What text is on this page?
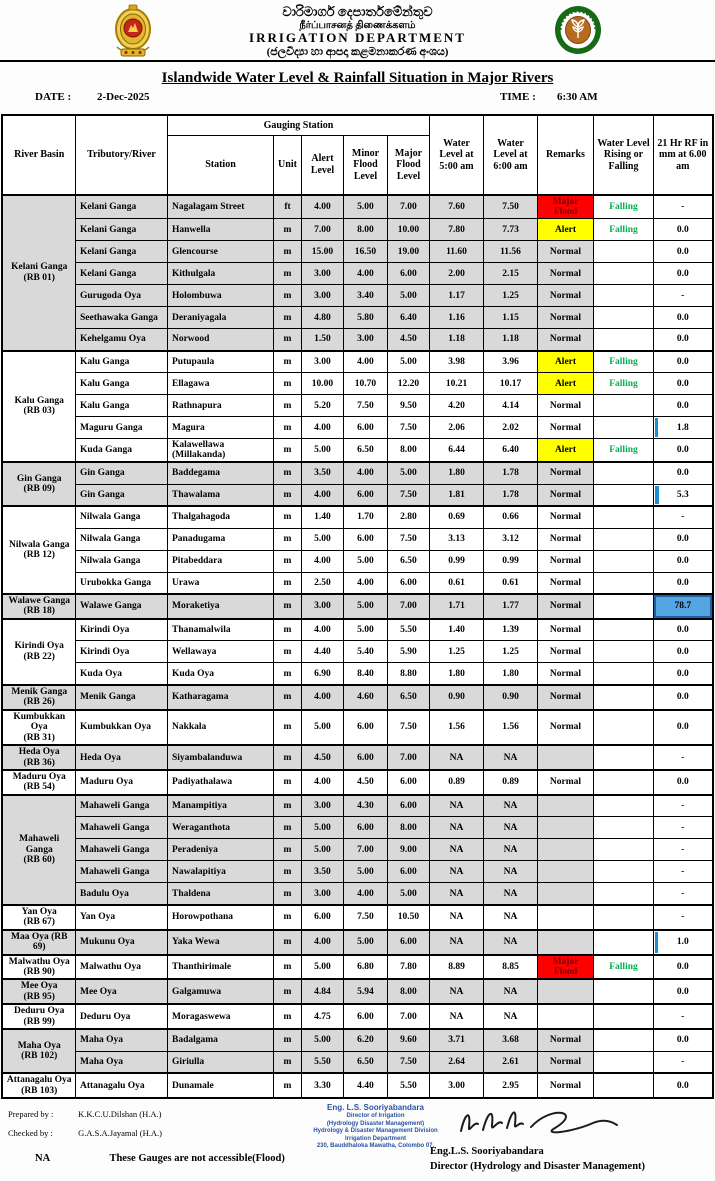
වාරිමාර්ග දෙපාර්තමේන්තුව
நீர்ப்பாசனத் திணைக்களம்
IRRIGATION DEPARTMENT
(ජලවිද්‍යා හා ආපදා කළමනාකරණ අංශය)
Islandwide Water Level & Rainfall Situation in Major Rivers
DATE : 2-Dec-2025	TIME : 6:30 AM
River Basin	Tributory/River	Gauging Station					Water Level at 5:00 am	Water Level at 6:00 am	Remarks	Water Level Rising or Falling	21 Hr RF in mm at 6.00 am
		Station	Unit	Alert Level	Minor Flood Level	Major Flood Level					

Kelani Ganga
(RB 01)	Kelani Ganga	Nagalagam Street	ft	4.00	5.00	7.00	7.60	7.50	Major Flood	Falling	-
	Kelani Ganga	Hanwella	m	7.00	8.00	10.00	7.80	7.73	Alert	Falling	0.0
	Kelani Ganga	Glencourse	m	15.00	16.50	19.00	11.60	11.56	Normal		0.0
	Kelani Ganga	Kithulgala	m	3.00	4.00	6.00	2.00	2.15	Normal		0.0
	Gurugoda Oya	Holombuwa	m	3.00	3.40	5.00	1.17	1.25	Normal		-
	Seethawaka Ganga	Deraniyagala	m	4.80	5.80	6.40	1.16	1.15	Normal		0.0
	Kehelgamu Oya	Norwood	m	1.50	3.00	4.50	1.18	1.18	Normal		0.0

Kalu Ganga
(RB 03)	Kalu Ganga	Putupaula	m	3.00	4.00	5.00	3.98	3.96	Alert	Falling	0.0
	Kalu Ganga	Ellagawa	m	10.00	10.70	12.20	10.21	10.17	Alert	Falling	0.0
	Kalu Ganga	Rathnapura	m	5.20	7.50	9.50	4.20	4.14	Normal		0.0
	Maguru Ganga	Magura	m	4.00	6.00	7.50	2.06	2.02	Normal		1.8
	Kuda Ganga	Kalawellawa (Millakanda)	m	5.00	6.50	8.00	6.44	6.40	Alert	Falling	0.0

Gin Ganga
(RB 09)	Gin Ganga	Baddegama	m	3.50	4.00	5.00	1.80	1.78	Normal		0.0
	Gin Ganga	Thawalama	m	4.00	6.00	7.50	1.81	1.78	Normal		5.3

Nilwala Ganga
(RB 12)	Nilwala Ganga	Thalgahagoda	m	1.40	1.70	2.80	0.69	0.66	Normal		-
	Nilwala Ganga	Panadugama	m	5.00	6.00	7.50	3.13	3.12	Normal		0.0
	Nilwala Ganga	Pitabeddara	m	4.00	5.00	6.50	0.99	0.99	Normal		0.0
	Urubokka Ganga	Urawa	m	2.50	4.00	6.00	0.61	0.61	Normal		0.0

Walawe Ganga
(RB 18)	Walawe Ganga	Moraketiya	m	3.00	5.00	7.00	1.71	1.77	Normal		78.7

Kirindi Oya
(RB 22)	Kirindi Oya	Thanamalwila	m	4.00	5.00	5.50	1.40	1.39	Normal		0.0
	Kirindi Oya	Wellawaya	m	4.40	5.40	5.90	1.25	1.25	Normal		0.0
	Kuda Oya	Kuda Oya	m	6.90	8.40	8.80	1.80	1.80	Normal		0.0

Menik Ganga
(RB 26)	Menik Ganga	Katharagama	m	4.00	4.60	6.50	0.90	0.90	Normal		0.0

Kumbukkan Oya
(RB 31)	Kumbukkan Oya	Nakkala	m	5.00	6.00	7.50	1.56	1.56	Normal		0.0

Heda Oya
(RB 36)	Heda Oya	Siyambalanduwa	m	4.50	6.00	7.00	NA	NA			-

Maduru Oya
(RB 54)	Maduru Oya	Padiyathalawa	m	4.00	4.50	6.00	0.89	0.89	Normal		0.0

Mahaweli Ganga
(RB 60)	Mahaweli Ganga	Manampitiya	m	3.00	4.30	6.00	NA	NA			-
	Mahaweli Ganga	Weraganthota	m	5.00	6.00	8.00	NA	NA			-
	Mahaweli Ganga	Peradeniya	m	5.00	7.00	9.00	NA	NA			-
	Mahaweli Ganga	Nawalapitiya	m	3.50	5.00	6.00	NA	NA			-
	Badulu Oya	Thaldena	m	3.00	4.00	5.00	NA	NA			-

Yan Oya
(RB 67)	Yan Oya	Horowpothana	m	6.00	7.50	10.50	NA	NA			-

Maa Oya (RB 69)	Mukunu Oya	Yaka Wewa	m	4.00	5.00	6.00	NA	NA			1.0

Malwathu Oya
(RB 90)	Malwathu Oya	Thanthirimale	m	5.00	6.80	7.80	8.89	8.85	Major Flood	Falling	0.0

Mee Oya
(RB 95)	Mee Oya	Galgamuwa	m	4.84	5.94	8.00	NA	NA			0.0

Deduru Oya
(RB 99)	Deduru Oya	Moragaswewa	m	4.75	6.00	7.00	NA	NA			-

Maha Oya
(RB 102)	Maha Oya	Badalgama	m	5.00	6.20	9.60	3.71	3.68	Normal		0.0
	Maha Oya	Giriulla	m	5.50	6.50	7.50	2.64	2.61	Normal		-

Attanagalu Oya
(RB 103)	Attanagalu Oya	Dunamale	m	3.30	4.40	5.50	3.00	2.95	Normal		0.0
Prepared by :	K.K.C.U.Dilshan (H.A.)
Checked by :	G.A.S.A.Jayamal (H.A.)
Eng. L.S. Sooriyabandara
Director of Irrigation
(Hydrology Disaster Management)
Hydrology & Disaster Management Division
Irrigation Department
230, Bauddhaloka Mawatha, Colombo 07.
Eng.L.S. Sooriyabandara
Director (Hydrology and Disaster Management)
NA	These Gauges are not accessible(Flood)
